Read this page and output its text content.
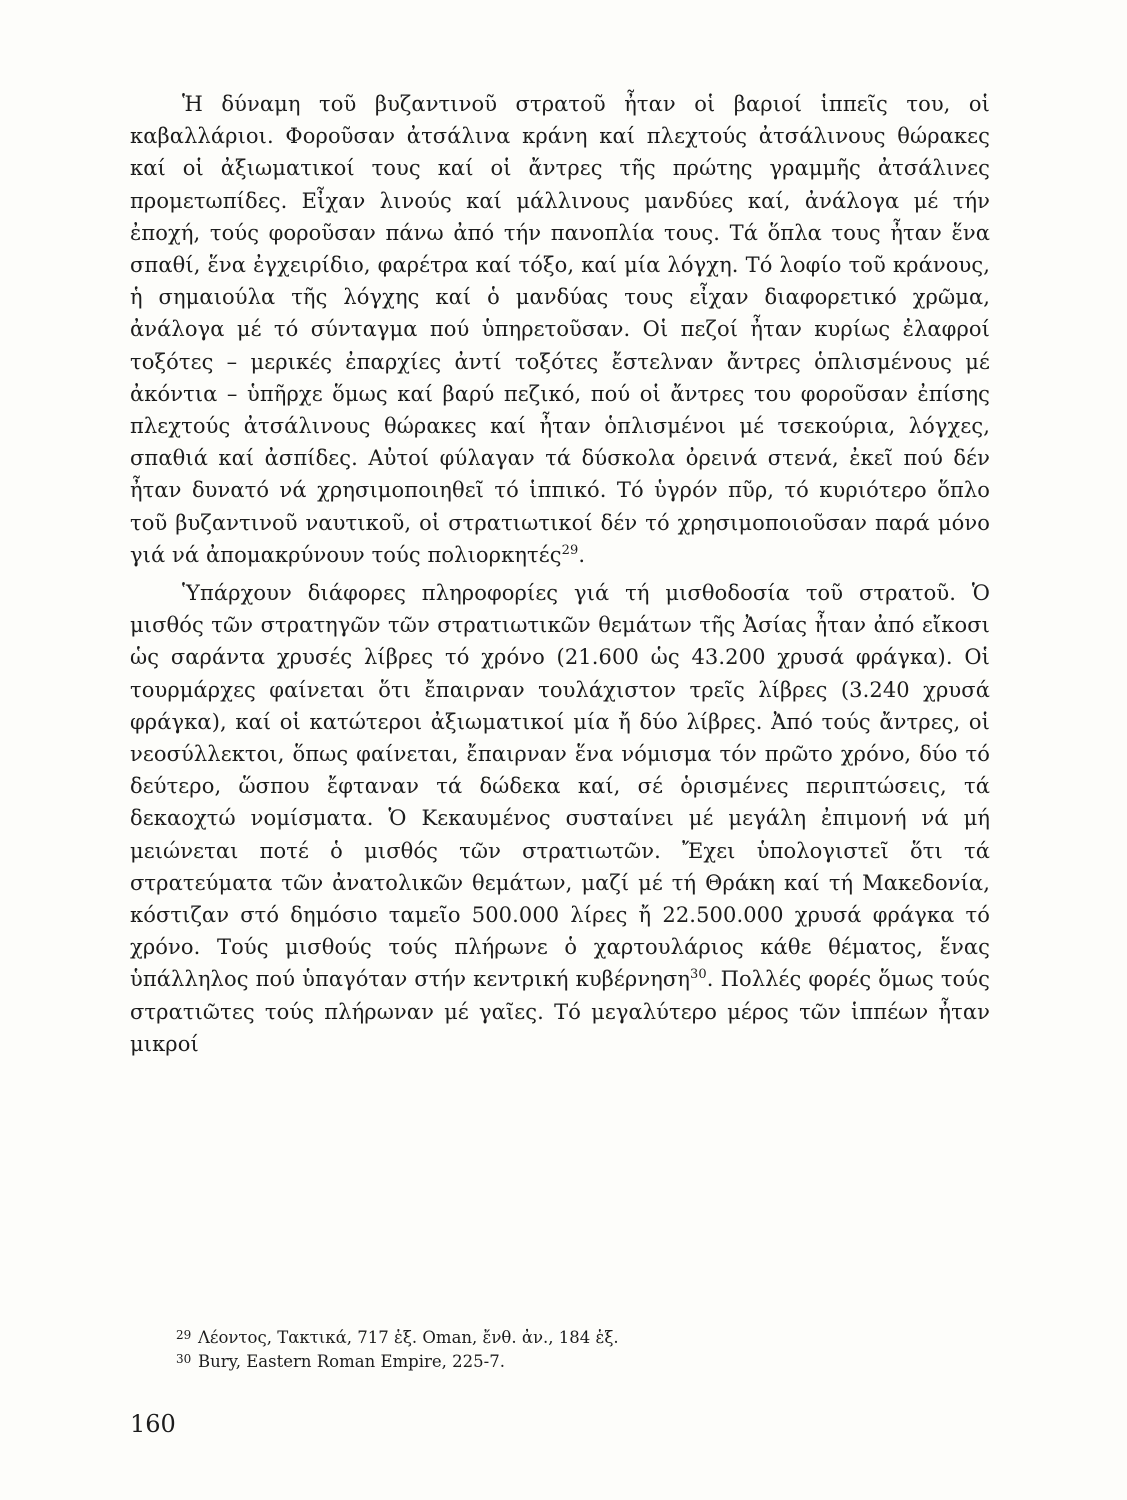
Ἡ δύναμη τοῦ βυζαντινοῦ στρατοῦ ἦταν οἱ βαριοί ἱππεῖς του, οἱ καβαλλάριοι. Φοροῦσαν ἀτσάλινα κράνη καί πλεχτούς ἀτσάλινους θώρακες καί οἱ ἀξιωματικοί τους καί οἱ ἄντρες τῆς πρώτης γραμμῆς ἀτσάλινες προμετωπίδες. Εἶχαν λινούς καί μάλλινους μανδύες καί, ἀνάλογα μέ τήν ἐποχή, τούς φοροῦσαν πάνω ἀπό τήν πανοπλία τους. Τά ὅπλα τους ἦταν ἕνα σπαθί, ἕνα ἐγχειρίδιο, φαρέτρα καί τόξο, καί μία λόγχη. Τό λοφίο τοῦ κράνους, ἡ σημαιούλα τῆς λόγχης καί ὁ μανδύας τους εἶχαν διαφορετικό χρῶμα, ἀνάλογα μέ τό σύνταγμα πού ὑπηρετοῦσαν. Οἱ πεζοί ἦταν κυρίως ἐλαφροί τοξότες – μερικές ἐπαρχίες ἀντί τοξότες ἔστελναν ἄντρες ὁπλισμένους μέ ἀκόντια – ὑπῆρχε ὅμως καί βαρύ πεζικό, πού οἱ ἄντρες του φοροῦσαν ἐπίσης πλεχτούς ἀτσάλινους θώρακες καί ἦταν ὁπλισμένοι μέ τσεκούρια, λόγχες, σπαθιά καί ἀσπίδες. Αὐτοί φύλαγαν τά δύσκολα ὀρεινά στενά, ἐκεῖ πού δέν ἦταν δυνατό νά χρησιμοποιηθεῖ τό ἱππικό. Τό ὑγρόν πῦρ, τό κυριότερο ὅπλο τοῦ βυζαντινοῦ ναυτικοῦ, οἱ στρατιωτικοί δέν τό χρησιμοποιοῦσαν παρά μόνο γιά νά ἀπομακρύνουν τούς πολιορκητές$^{29}$.

Ὑπάρχουν διάφορες πληροφορίες γιά τή μισθοδοσία τοῦ στρατοῦ. Ὁ μισθός τῶν στρατηγῶν τῶν στρατιωτικῶν θεμάτων τῆς Ἀσίας ἦταν ἀπό εἴκοσι ὡς σαράντα χρυσές λίβρες τό χρόνο (21.600 ὡς 43.200 χρυσά φράγκα). Οἱ τουρμάρχες φαίνεται ὅτι ἔπαιρναν τουλάχιστον τρεῖς λίβρες (3.240 χρυσά φράγκα), καί οἱ κατώτεροι ἀξιωματικοί μία ἤ δύο λίβρες. Ἀπό τούς ἄντρες, οἱ νεοσύλλεκτοι, ὅπως φαίνεται, ἔπαιρναν ἕνα νόμισμα τόν πρῶτο χρόνο, δύο τό δεύτερο, ὥσπου ἔφταναν τά δώδεκα καί, σέ ὁρισμένες περιπτώσεις, τά δεκαοχτώ νομίσματα. Ὁ Κεκαυμένος συσταίνει μέ μεγάλη ἐπιμονή νά μή μειώνεται ποτέ ὁ μισθός τῶν στρατιωτῶν. Ἔχει ὑπολογιστεῖ ὅτι τά στρατεύματα τῶν ἀνατολικῶν θεμάτων, μαζί μέ τή Θράκη καί τή Μακεδονία, κόστιζαν στό δημόσιο ταμεῖο 500.000 λίρες ἤ 22.500.000 χρυσά φράγκα τό χρόνο. Τούς μισθούς τούς πλήρωνε ὁ χαρτουλάριος κάθε θέματος, ἕνας ὑπάλληλος πού ὑπαγόταν στήν κεντρική κυβέρνηση$^{30}$. Πολλές φορές ὅμως τούς στρατιῶτες τούς πλήρωναν μέ γαῖες. Τό μεγαλύτερο μέρος τῶν ἱππέων ἦταν μικροί

29 Λέοντος, Τακτικά, 717 ἑξ. Oman, ἔνθ. ἀν., 184 ἑξ.
30 Bury, Eastern Roman Empire, 225-7.
160
